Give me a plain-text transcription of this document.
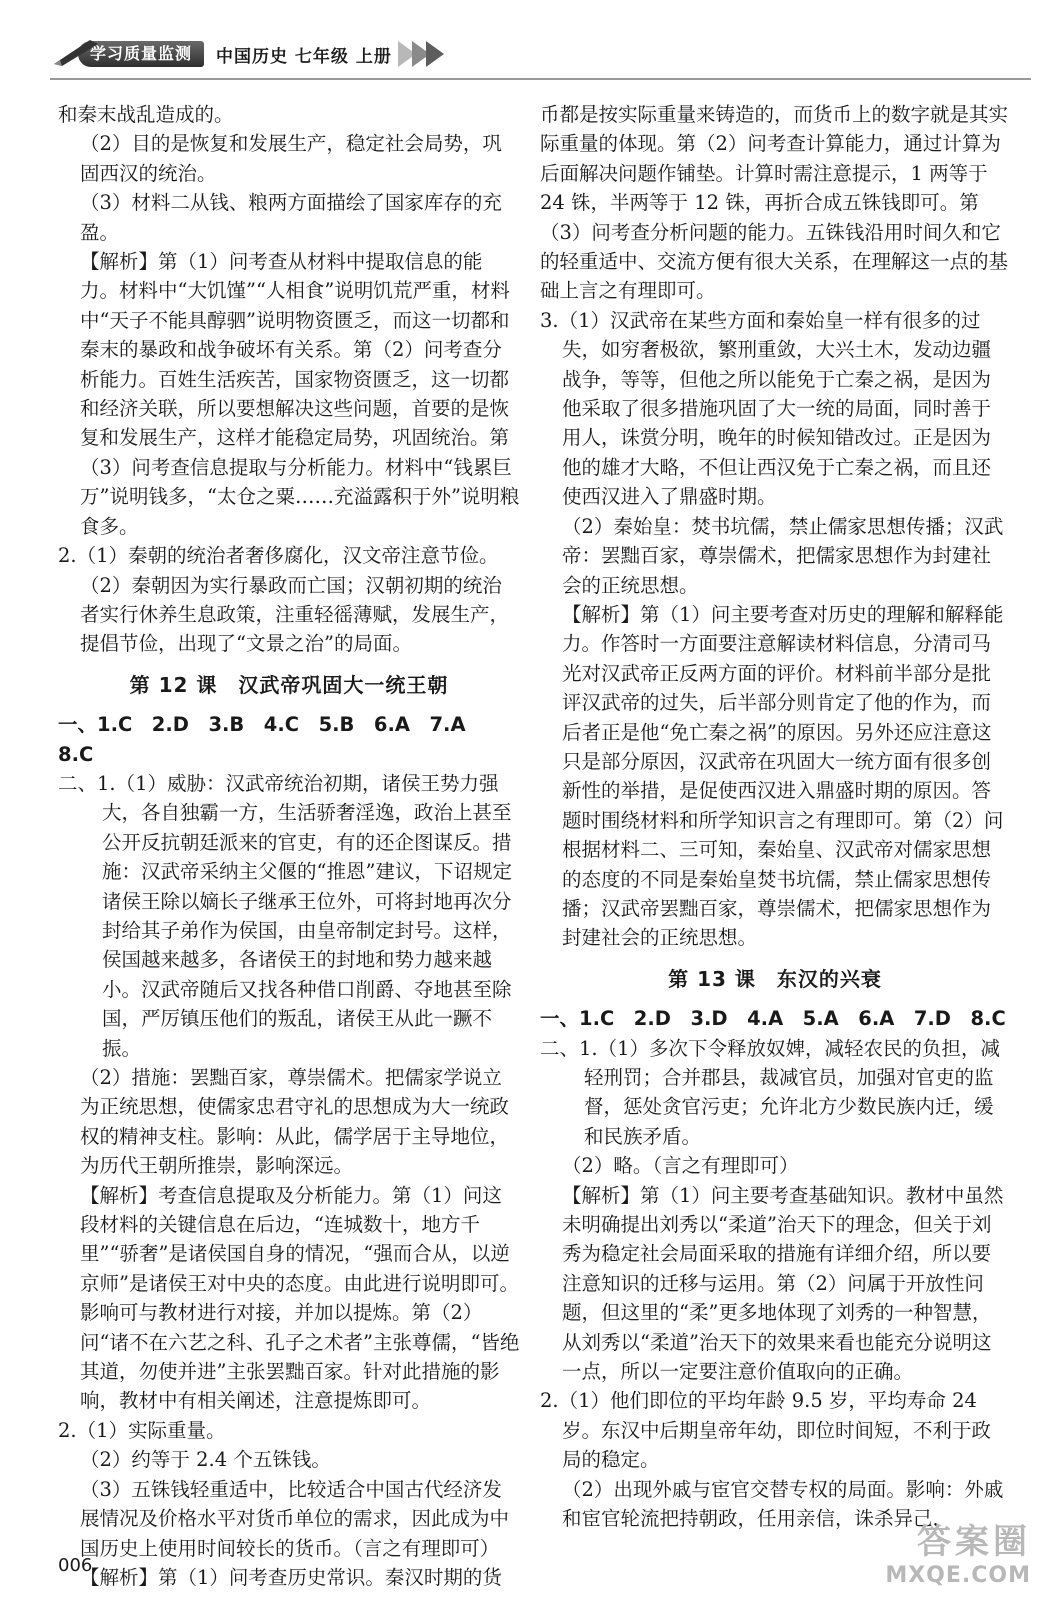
学习质量监测	中国历史 七年级 上册

和秦末战乱造成的。

（2）目的是恢复和发展生产，稳定社会局势，巩固西汉的统治。

（3）材料二从钱、粮两方面描绘了国家库存的充盈。

【解析】第（1）问考查从材料中提取信息的能力。材料中“大饥馑”“人相食”说明饥荒严重，材料中“天子不能具醇驷”说明物资匮乏，而这一切都和秦末的暴政和战争破坏有关系。第（2）问考查分析能力。百姓生活疾苦，国家物资匮乏，这一切都和经济关联，所以要想解决这些问题，首要的是恢复和发展生产，这样才能稳定局势，巩固统治。第（3）问考查信息提取与分析能力。材料中“钱累巨万”说明钱多，“太仓之粟……充溢露积于外”说明粮食多。

2.（1）秦朝的统治者奢侈腐化，汉文帝注意节俭。

（2）秦朝因为实行暴政而亡国；汉朝初期的统治者实行休养生息政策，注重轻徭薄赋，发展生产，提倡节俭，出现了“文景之治”的局面。

第 12 课　汉武帝巩固大一统王朝

一、1.C　2.D　3.B　4.C　5.B　6.A　7.A　8.C

二、1.（1）威胁：汉武帝统治初期，诸侯王势力强大，各自独霸一方，生活骄奢淫逸，政治上甚至公开反抗朝廷派来的官吏，有的还企图谋反。措施：汉武帝采纳主父偃的“推恩”建议，下诏规定诸侯王除以嫡长子继承王位外，可将封地再次分封给其子弟作为侯国，由皇帝制定封号。这样，侯国越来越多，各诸侯王的封地和势力越来越小。汉武帝随后又找各种借口削爵、夺地甚至除国，严厉镇压他们的叛乱，诸侯王从此一蹶不振。

（2）措施：罢黜百家，尊崇儒术。把儒家学说立为正统思想，使儒家忠君守礼的思想成为大一统政权的精神支柱。影响：从此，儒学居于主导地位，为历代王朝所推崇，影响深远。

【解析】考查信息提取及分析能力。第（1）问这段材料的关键信息在后边，“连城数十，地方千里”“骄奢”是诸侯国自身的情况，“强而合从，以逆京师”是诸侯王对中央的态度。由此进行说明即可。影响可与教材进行对接，并加以提炼。第（2）问“诸不在六艺之科、孔子之术者”主张尊儒，“皆绝其道，勿使并进”主张罢黜百家。针对此措施的影响，教材中有相关阐述，注意提炼即可。

2.（1）实际重量。

（2）约等于 2.4 个五铢钱。

（3）五铢钱轻重适中，比较适合中国古代经济发展情况及价格水平对货币单位的需求，因此成为中国历史上使用时间较长的货币。（言之有理即可）

【解析】第（1）问考查历史常识。秦汉时期的货

币都是按实际重量来铸造的，而货币上的数字就是其实际重量的体现。第（2）问考查计算能力，通过计算为后面解决问题作铺垫。计算时需注意提示，1 两等于 24 铢，半两等于 12 铢，再折合成五铢钱即可。第（3）问考查分析问题的能力。五铢钱沿用时间久和它的轻重适中、交流方便有很大关系，在理解这一点的基础上言之有理即可。

3.（1）汉武帝在某些方面和秦始皇一样有很多的过失，如穷奢极欲，繁刑重敛，大兴土木，发动边疆战争，等等，但他之所以能免于亡秦之祸，是因为他采取了很多措施巩固了大一统的局面，同时善于用人，诛赏分明，晚年的时候知错改过。正是因为他的雄才大略，不但让西汉免于亡秦之祸，而且还使西汉进入了鼎盛时期。

（2）秦始皇：焚书坑儒，禁止儒家思想传播；汉武帝：罢黜百家，尊崇儒术，把儒家思想作为封建社会的正统思想。

【解析】第（1）问主要考查对历史的理解和解释能力。作答时一方面要注意解读材料信息，分清司马光对汉武帝正反两方面的评价。材料前半部分是批评汉武帝的过失，后半部分则肯定了他的作为，而后者正是他“免亡秦之祸”的原因。另外还应注意这只是部分原因，汉武帝在巩固大一统方面有很多创新性的举措，是促使西汉进入鼎盛时期的原因。答题时围绕材料和所学知识言之有理即可。第（2）问根据材料二、三可知，秦始皇、汉武帝对儒家思想的态度的不同是秦始皇焚书坑儒，禁止儒家思想传播；汉武帝罢黜百家，尊崇儒术，把儒家思想作为封建社会的正统思想。

第 13 课　东汉的兴衰

一、1.C　2.D　3.D　4.A　5.A　6.A　7.D　8.C

二、1.（1）多次下令释放奴婢，减轻农民的负担，减轻刑罚；合并郡县，裁减官员，加强对官吏的监督，惩处贪官污吏；允许北方少数民族内迁，缓和民族矛盾。

（2）略。（言之有理即可）

【解析】第（1）问主要考查基础知识。教材中虽然未明确提出刘秀以“柔道”治天下的理念，但关于刘秀为稳定社会局面采取的措施有详细介绍，所以要注意知识的迁移与运用。第（2）问属于开放性问题，但这里的“柔”更多地体现了刘秀的一种智慧，从刘秀以“柔道”治天下的效果来看也能充分说明这一点，所以一定要注意价值取向的正确。

2.（1）他们即位的平均年龄 9.5 岁，平均寿命 24 岁。东汉中后期皇帝年幼，即位时间短，不利于政局的稳定。

（2）出现外戚与宦官交替专权的局面。影响：外戚和宦官轮流把持朝政，任用亲信，诛杀异己，

006
答案圈
MXQE.COM
